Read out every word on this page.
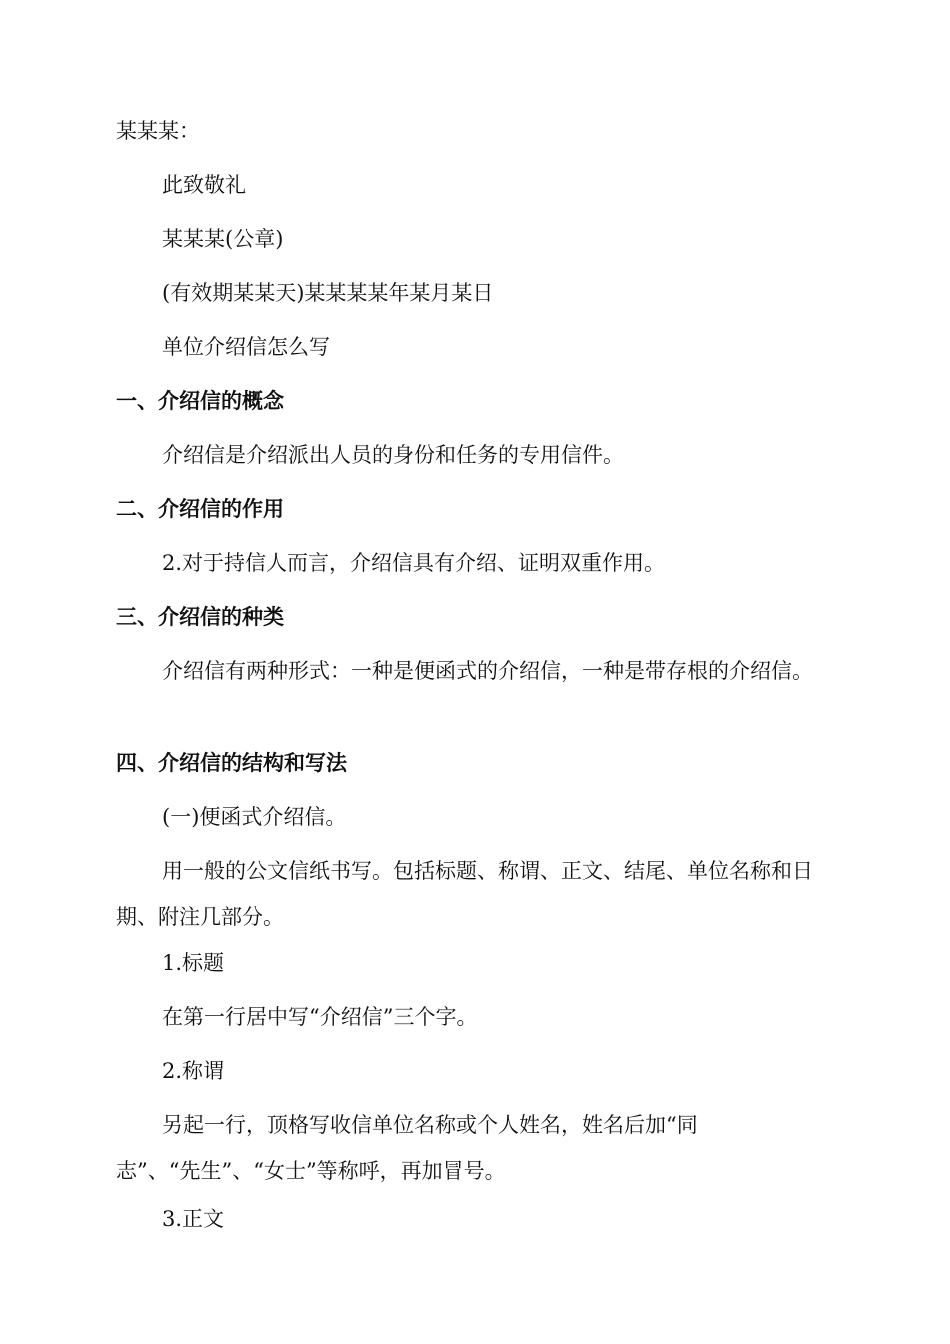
某某某：
此致敬礼
某某某(公章)
(有效期某某天)某某某某年某月某日
单位介绍信怎么写
一、介绍信的概念
介绍信是介绍派出人员的身份和任务的专用信件。
二、介绍信的作用
2.对于持信人而言，介绍信具有介绍、证明双重作用。
三、介绍信的种类
介绍信有两种形式：一种是便函式的介绍信，一种是带存根的介绍信。
四、介绍信的结构和写法
(一)便函式介绍信。
用一般的公文信纸书写。包括标题、称谓、正文、结尾、单位名称和日期、附注几部分。
1.标题
在第一行居中写“介绍信”三个字。
2.称谓
另起一行，顶格写收信单位名称或个人姓名，姓名后加“同
志”、“先生”、“女士”等称呼，再加冒号。
3.正文
